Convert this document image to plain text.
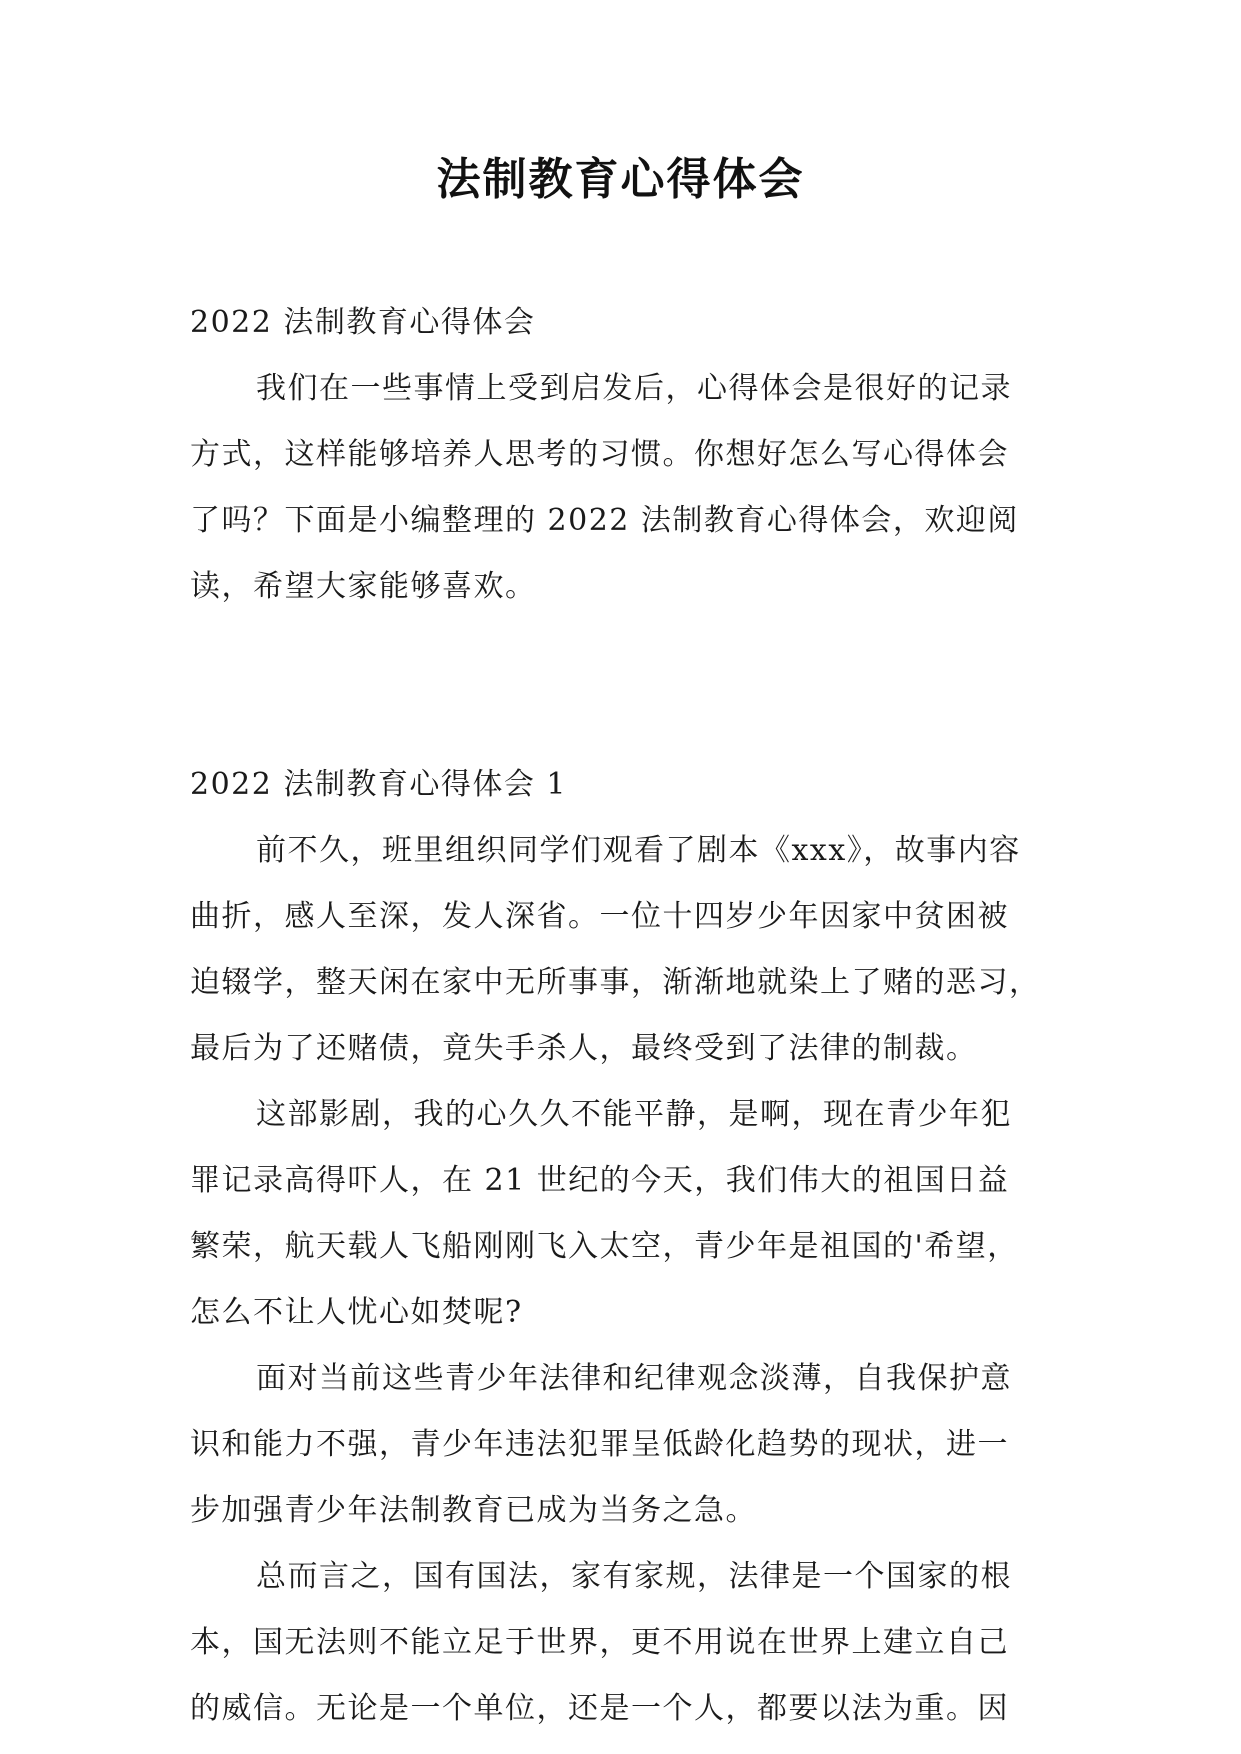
法制教育心得体会
2022 法制教育心得体会
我们在一些事情上受到启发后，心得体会是很好的记录
方式，这样能够培养人思考的习惯。你想好怎么写心得体会
了吗？下面是小编整理的 2022 法制教育心得体会，欢迎阅
读，希望大家能够喜欢。
2022 法制教育心得体会 1
前不久，班里组织同学们观看了剧本《xxx》，故事内容
曲折，感人至深，发人深省。一位十四岁少年因家中贫困被
迫辍学，整天闲在家中无所事事，渐渐地就染上了赌的恶习，
最后为了还赌债，竟失手杀人，最终受到了法律的制裁。
这部影剧，我的心久久不能平静，是啊，现在青少年犯
罪记录高得吓人，在 21 世纪的今天，我们伟大的祖国日益
繁荣，航天载人飞船刚刚飞入太空，青少年是祖国的'希望，
怎么不让人忧心如焚呢?
面对当前这些青少年法律和纪律观念淡薄，自我保护意
识和能力不强，青少年违法犯罪呈低龄化趋势的现状，进一
步加强青少年法制教育已成为当务之急。
总而言之，国有国法，家有家规，法律是一个国家的根
本，国无法则不能立足于世界，更不用说在世界上建立自己
的威信。无论是一个单位，还是一个人，都要以法为重。因
